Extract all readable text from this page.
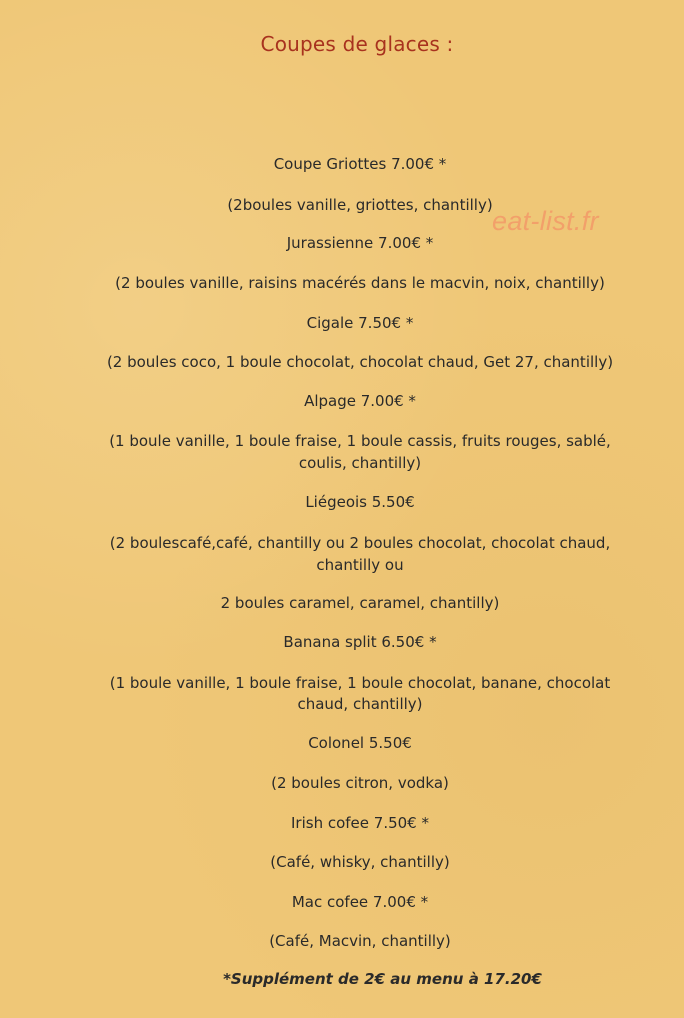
Coupes de glaces :
eat-list.fr
Coupe Griottes 7.00€ *
(2boules vanille, griottes, chantilly)
Jurassienne 7.00€ *
(2 boules vanille, raisins macérés dans le macvin, noix, chantilly)
Cigale 7.50€ *
(2 boules coco, 1 boule chocolat, chocolat chaud, Get 27, chantilly)
Alpage 7.00€ *
(1 boule vanille, 1 boule fraise, 1 boule cassis, fruits rouges, sablé,
coulis, chantilly)
Liégeois 5.50€
(2 boulescafé,café, chantilly ou 2 boules chocolat, chocolat chaud,
chantilly ou
2 boules caramel, caramel, chantilly)
Banana split 6.50€ *
(1 boule vanille, 1 boule fraise, 1 boule chocolat, banane, chocolat
chaud, chantilly)
Colonel 5.50€
(2 boules citron, vodka)
Irish cofee 7.50€ *
(Café, whisky, chantilly)
Mac cofee 7.00€ *
(Café, Macvin, chantilly)
*Supplément de 2€ au menu à 17.20€
